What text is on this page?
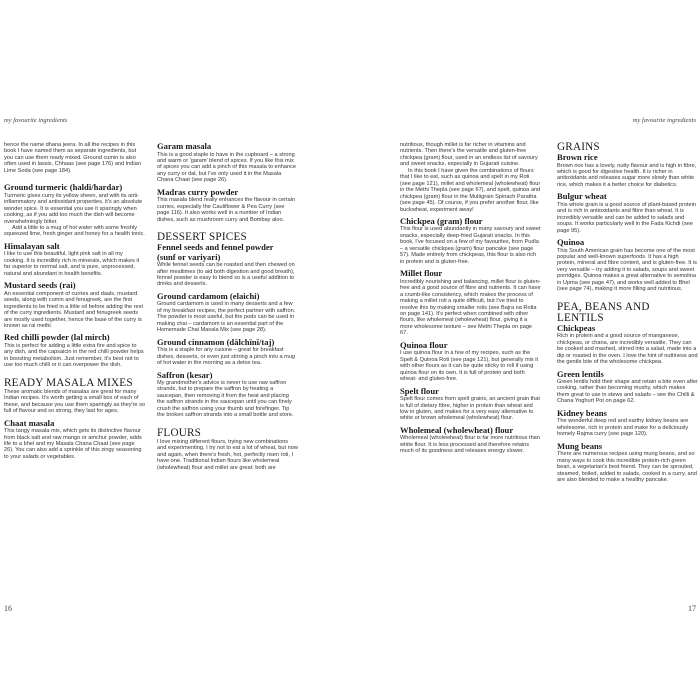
my favourite ingredients	my favourite ingredients

hence the name dhana jeera. In all the recipes in this book I have named them as separate ingredients, but you can use them ready mixed. Ground cumin is also often used in lassis, Chhaas (see page 176) and Indian Lime Soda (see page 184).

Ground turmeric (haldi/hardar)

Turmeric gives curry its yellow sheen, and with its anti-inflammatory and antioxidant properties, it's an absolute wonder spice. It is essential you use it sparingly when cooking, as if you add too much the dish will become overwhelmingly bitter.

Add a little to a mug of hot water with some freshly squeezed lime, fresh ginger and honey for a health tonic.

Himalayan salt

I like to use this beautiful, light pink salt in all my cooking. It is incredibly rich in minerals, which makes it far superior to normal salt, and is pure, unprocessed, natural and abundant in health benefits.

Mustard seeds (rai)

An essential component of curries and daals, mustard seeds, along with cumin and fenugreek, are the first ingredients to be fried in a little oil before adding the rest of the curry ingredients. Mustard and fenugreek seeds are mostly used together, hence the base of the curry is known as rai methi.

Red chilli powder (lal mirch)

This is perfect for adding a little extra fire and spice to any dish, and the capsaicin in the red chilli powder helps in boosting metabolism. Just remember, it's best not to use too much chilli or it can overpower the dish.

READY MASALA MIXES

These aromatic blends of masalas are great for many Indian recipes. It's worth getting a small box of each of these, and because you use them sparingly as they're so full of flavour and so strong, they last for ages.

Chaat masala

This tangy masala mix, which gets its distinctive flavour from black salt and raw mango or amchur powder, adds life to a bhel and my Masala Chana Chaat (see page 26). You can also add a sprinkle of this zingy seasoning to your salads or vegetables.

Garam masala

This is a good staple to have in the cupboard – a strong and warm or 'garam' blend of spices. If you like this mix of spices you can add a pinch of this masala to enhance any curry or dal, but I've only used it in the Masala Chana Chaat (see page 26).

Madras curry powder

This masala blend really enhances the flavour in certain curries, especially the Cauliflower & Pea Curry (see page 116). It also works well in a number of Indian dishes, such as mushroom curry and Bombay aloo.

DESSERT SPICES
Fennel seeds and fennel powder
(sunf or variyari)

While fennel seeds can be roasted and then chewed on after mealtimes (to aid both digestion and good breath), fennel powder is easy to blend so is a useful addition to drinks and desserts.

Ground cardamom (elaichi)

Ground cardamom is used in many desserts and a few of my breakfast recipes, the perfect partner with saffron. The powder is most useful, but the pods can be used in making chai – cardamom is an essential part of the Homemade Chai Masala Mix (see page 28).

Ground cinnamon (dālchīnī/taj)

This is a staple for any cuisine – great for breakfast dishes, desserts, or even just stirring a pinch into a mug of hot water in the morning as a detox tea.

Saffron (kesar)

My grandmother's advice is never to use raw saffron strands, but to prepare the saffron by heating a saucepan, then removing it from the heat and placing the saffron strands in the saucepan until you can finely crush the saffron using your thumb and forefinger. Tip the broken saffron strands into a small bottle and store.

FLOURS

I love mixing different flours, trying new combinations and experimenting. I try not to eat a lot of wheat, but now and again, when there's fresh, hot, perfectly risen roti, I have one. Traditional Indian flours like wholemeal (wholewheat) flour and millet are great: both are

nutritious, though millet is far richer in vitamins and nutrients. Then there's the versatile and gluten-free chickpea (gram) flour, used in an endless list of savoury and sweet snacks, especially in Gujarati cuisine.

In this book I have given the combinations of flours that I like to eat, such as quinoa and spelt in my Roti (see page 121), millet and wholemeal (wholewheat) flour in the Methi Thepla (see page 67), and spelt, quinoa and chickpea (gram) flour in the Multigrain Spinach Paratha (see page 45). Of course, if you prefer another flour, like buckwheat, experiment away!

Chickpea (gram) flour

This flour is used abundantly in many savoury and sweet snacks, especially deep-fried Gujarati snacks. In this book, I've focused on a few of my favourites, from Pudla – a versatile chickpea (gram) flour pancake (see page 57). Made entirely from chickpeas, this flour is also rich in protein and is gluten-free.

Millet flour

Incredibly nourishing and balancing, millet flour is gluten-free and a good source of fibre and nutrients. It can have a crumb-like consistency, which makes the process of making a millet roti a quite difficult, but I've tried to resolve this by making smaller rotis (see Bajra na Rotla on page 141). It's perfect when combined with other flours, like wholemeal (wholewheat) flour, giving it a more wholesome texture – see Methi Thepla on page 67.

Quinoa flour

I use quinoa flour in a few of my recipes, such as the Spelt & Quinoa Roti (see page 121), but generally mix it with other flours as it can be quite sticky to roll if using quinoa flour on its own. It is full of protein and both wheat- and gluten-free.

Spelt flour

Spelt flour comes from spelt grains, an ancient grain that is full of dietary fibre, higher in protein than wheat and low in gluten, and makes for a very easy alternative to white or brown wholemeal (wholewheat) flour.

Wholemeal (wholewheat) flour

Wholemeal (wholewheat) flour is far more nutritious than white flour. It is less processed and therefore retains much of its goodness and releases energy slower.

GRAINS
Brown rice

Brown rice has a lovely, nutty flavour and is high in fibre, which is good for digestive health. It is richer in antioxidants and releases sugar more slowly than white rice, which makes it a better choice for diabetics.

Bulgur wheat

This whole grain is a good source of plant-based protein and is rich in antioxidants and fibre than wheat. It is incredibly versatile and can be added to salads and soups. It works particularly well in the Fada Kichdi (see page 95).

Quinoa

This South American grain has become one of the most popular and well-known superfoods. It has a high protein, mineral and fibre content, and is gluten-free. It is very versatile – try adding it to salads, soups and sweet porridges. Quinoa makes a great alternative to semolina in Upma (see page 47), and works well added to Bhel (see page 74), making it more filling and nutritious.

PEA, BEANS AND LENTILS
Chickpeas

Rich in protein and a good source of manganese, chickpeas, or chana, are incredibly versatile. They can be cooked and mashed, stirred into a salad, made into a dip or roasted in the oven. I love the hint of nuttiness and the gentle bite of the wholesome chickpea.

Green lentils

Green lentils hold their shape and retain a bite even after cooking, rather than becoming mushy, which makes them great to use in stews and salads – see the Chilli & Chana Yoghurt Pot on page 62.

Kidney beans

The wonderful deep red and earthy kidney beans are wholesome, rich in protein and make for a deliciously homely Rajma curry (see page 120).

Mung beans

There are numerous recipes using mung beans, and so many ways to cook this incredible protein-rich green bean, a vegetarian's best friend. They can be sprouted, steamed, boiled, added to salads, cooked in a curry, and are also blended to make a healthy pancake.

16	17
